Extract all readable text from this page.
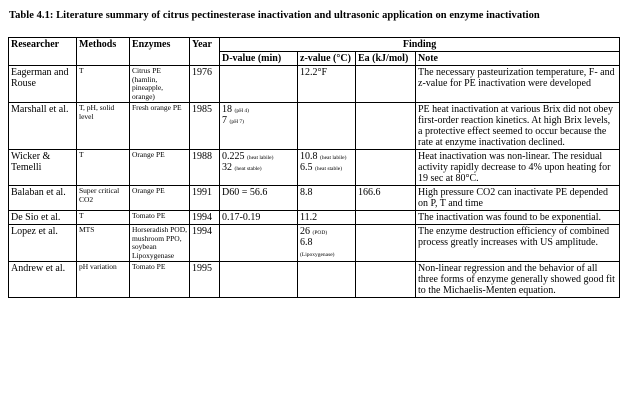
Table 4.1: Literature summary of citrus pectinesterase inactivation and ultrasonic application on enzyme inactivation
Researcher	Methods	Enzymes	Year	Finding			
				D-value (min)	z-value (°C)	Ea (kJ/mol)	Note
Eagerman and Rouse	T	Citrus PE (hamlin, pineapple, orange)	1976		12.2°F		The necessary pasteurization temperature, F- and z-value for PE inactivation were developed
Marshall et al.	T, pH, solid level	Fresh orange PE	1985	18 (pH 4)
7 (pH 7)			PE heat inactivation at various Brix did not obey first-order reaction kinetics. At high Brix levels, a protective effect seemed to occur because the rate at enzyme inactivation declined.
Wicker & Temelli	T	Orange PE	1988	0.225 (heat labile)
32 (heat stable)	10.8 (heat labile)
6.5 (heat stable)		Heat inactivation was non-linear. The residual activity rapidly decrease to 4% upon heating for 19 sec at 80°C.
Balaban et al.	Super critical CO2	Orange PE	1991	D60 = 56.6	8.8	166.6	High pressure CO2 can inactivate PE depended on P, T and time
De Sio et al.	T	Tomato PE	1994	0.17-0.19	11.2		The inactivation was found to be exponential.
Lopez et al.	MTS	Horseradish POD, mushroom PPO, soybean Lipoxygenase	1994		26 (POD)
6.8
(Lipoxygenase)		The enzyme destruction efficiency of combined process greatly increases with US amplitude.
Andrew et al.	pH variation	Tomato PE	1995				Non-linear regression and the behavior of all three forms of enzyme generally showed good fit to the Michaelis-Menten equation.
